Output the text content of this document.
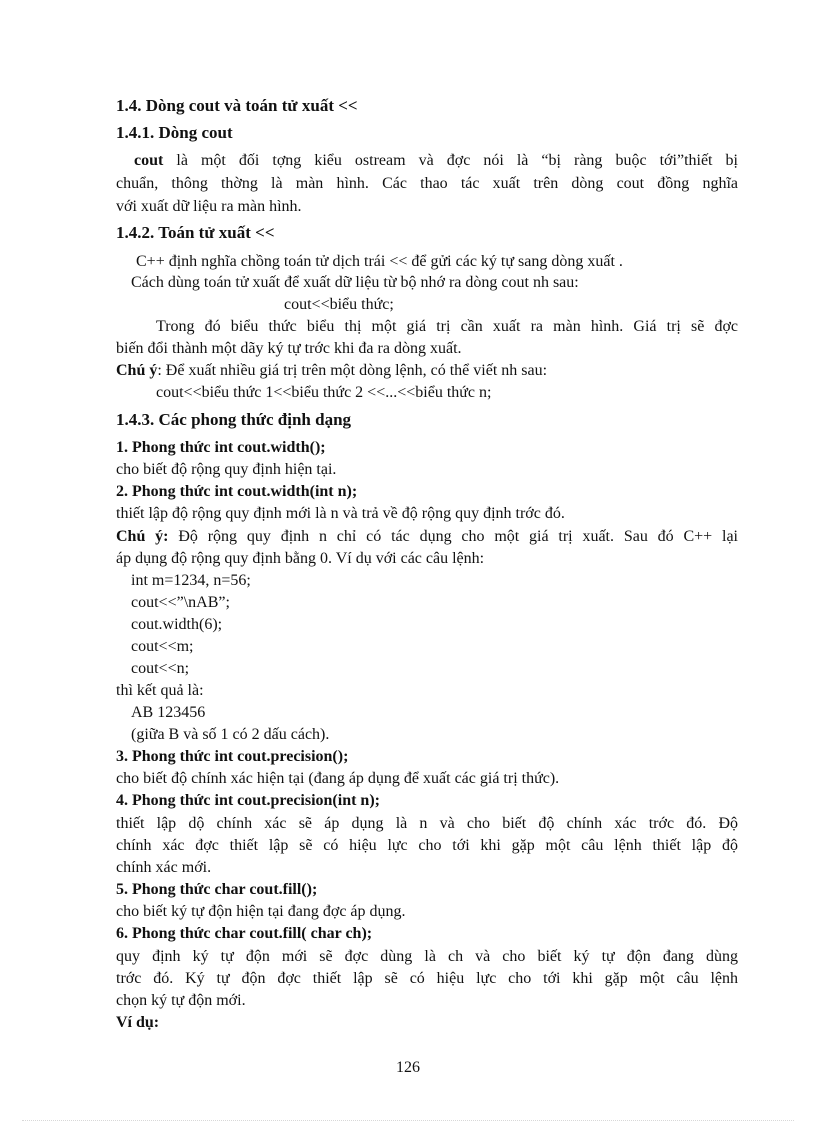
1.4. Dòng cout và toán tử xuất <<

1.4.1. Dòng cout

cout là một đối tợng kiểu ostream và đợc nói là “bị ràng buộc tới”thiết bị

chuẩn, thông thờng là màn hình. Các thao tác xuất trên dòng cout đồng nghĩa

với xuất dữ liệu ra màn hình.

1.4.2. Toán tử xuất <<

C++ định nghĩa chồng toán tử dịch trái << để gửi các ký tự sang dòng xuất .

Cách dùng toán tử xuất để xuất dữ liệu từ bộ nhớ ra dòng cout nh sau:

cout<<biểu thức;

Trong đó biểu thức biểu thị một giá trị cần xuất ra màn hình. Giá trị sẽ đợc

biến đổi thành một dãy ký tự trớc khi đa ra dòng xuất.

Chú ý: Để xuất nhiều giá trị trên một dòng lệnh, có thể viết nh sau:

cout<<biểu thức 1<<biểu thức 2 <<...<<biểu thức n;

1.4.3. Các phong thức định dạng

1. Phong thức int cout.width();

cho biết độ rộng quy định hiện tại.

2. Phong thức int cout.width(int n);

thiết lập độ rộng quy định mới là n và trả về độ rộng quy định trớc đó.

Chú ý: Độ rộng quy định n chỉ có tác dụng cho một giá trị xuất. Sau đó C++ lại

áp dụng độ rộng quy định bằng 0. Ví dụ với các câu lệnh:

int m=1234, n=56;

cout<<”\nAB”;

cout.width(6);

cout<<m;

cout<<n;

thì kết quả là:

AB 123456

(giữa B và số 1 có 2 dấu cách).

3. Phong thức int cout.precision();

cho biết độ chính xác hiện tại (đang áp dụng để xuất các giá trị thức).

4. Phong thức int cout.precision(int n);

thiết lập dộ chính xác sẽ áp dụng là n và cho biết độ chính xác trớc đó. Độ

chính xác đợc thiết lập sẽ có hiệu lực cho tới khi gặp một câu lệnh thiết lập độ

chính xác mới.

5. Phong thức char cout.fill();

cho biết ký tự độn hiện tại đang đợc áp dụng.

6. Phong thức char cout.fill( char ch);

quy định ký tự độn mới sẽ đợc dùng là ch và cho biết ký tự độn đang dùng

trớc đó. Ký tự độn đợc thiết lập sẽ có hiệu lực cho tới khi gặp một câu lệnh

chọn ký tự độn mới.

Ví dụ:

126
